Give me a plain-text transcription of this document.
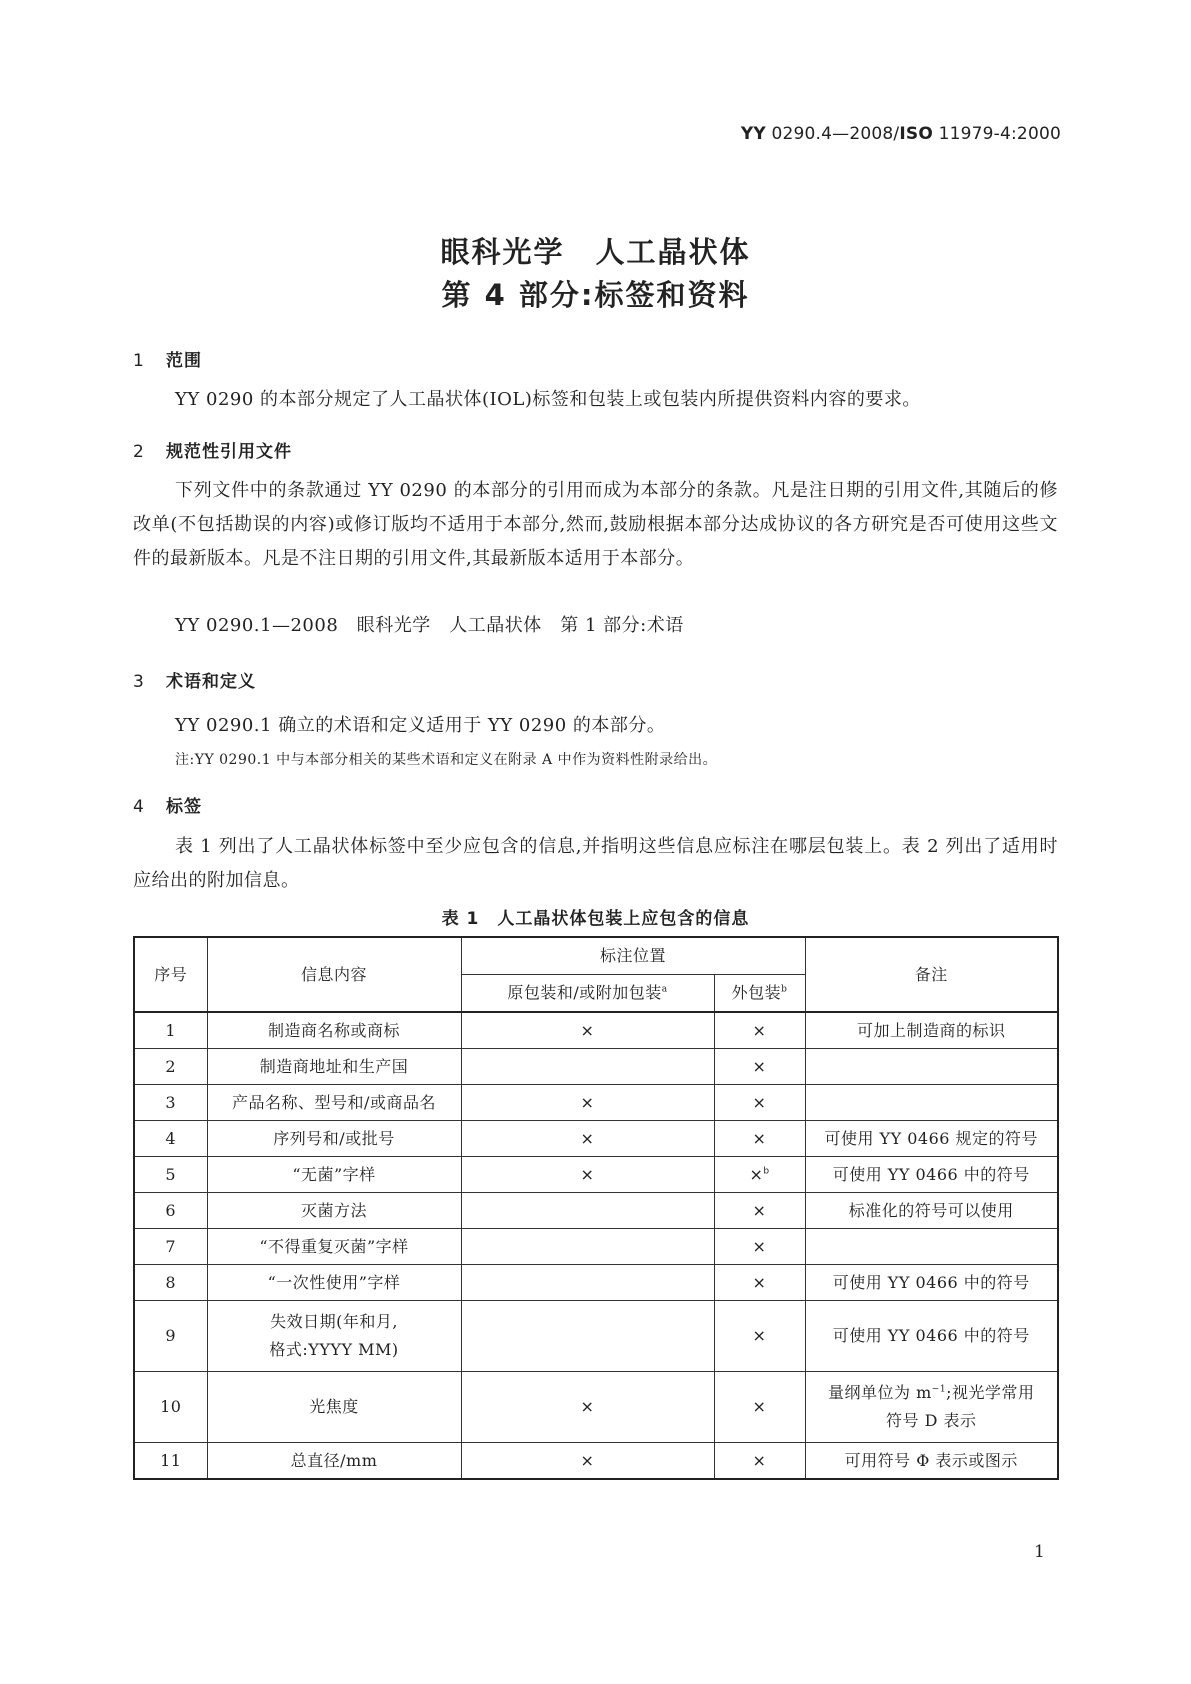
YY 0290.4—2008/ISO 11979-4:2000
眼科光学　人工晶状体
第 4 部分:标签和资料
1 范围
YY 0290 的本部分规定了人工晶状体(IOL)标签和包装上或包装内所提供资料内容的要求。
2 规范性引用文件
下列文件中的条款通过 YY 0290 的本部分的引用而成为本部分的条款。凡是注日期的引用文件,其随后的修改单(不包括勘误的内容)或修订版均不适用于本部分,然而,鼓励根据本部分达成协议的各方研究是否可使用这些文件的最新版本。凡是不注日期的引用文件,其最新版本适用于本部分。
YY 0290.1—2008　眼科光学　人工晶状体　第 1 部分:术语
3 术语和定义
YY 0290.1 确立的术语和定义适用于 YY 0290 的本部分。
注:YY 0290.1 中与本部分相关的某些术语和定义在附录 A 中作为资料性附录给出。
4 标签
表 1 列出了人工晶状体标签中至少应包含的信息,并指明这些信息应标注在哪层包装上。表 2 列出了适用时应给出的附加信息。
表 1　人工晶状体包装上应包含的信息
序号	信息内容	标注位置		备注
		原包装和/或附加包装$^a$	外包装$^b$
1	制造商名称或商标	×	×	可加上制造商的标识
2	制造商地址和生产国		×	
3	产品名称、型号和/或商品名	×	×	
4	序列号和/或批号	×	×	可使用 YY 0466 规定的符号
5	“无菌”字样	×	×$^b$	可使用 YY 0466 中的符号
6	灭菌方法		×	标准化的符号可以使用
7	“不得重复灭菌”字样		×	
8	“一次性使用”字样		×	可使用 YY 0466 中的符号
9	失效日期(年和月,
格式:YYYY MM)		×	可使用 YY 0466 中的符号
10	光焦度	×	×	量纲单位为 $m^{-1}$;视光学常用
符号 D 表示

11	总直径/mm	×	×	可用符号 Φ 表示或图示
1
